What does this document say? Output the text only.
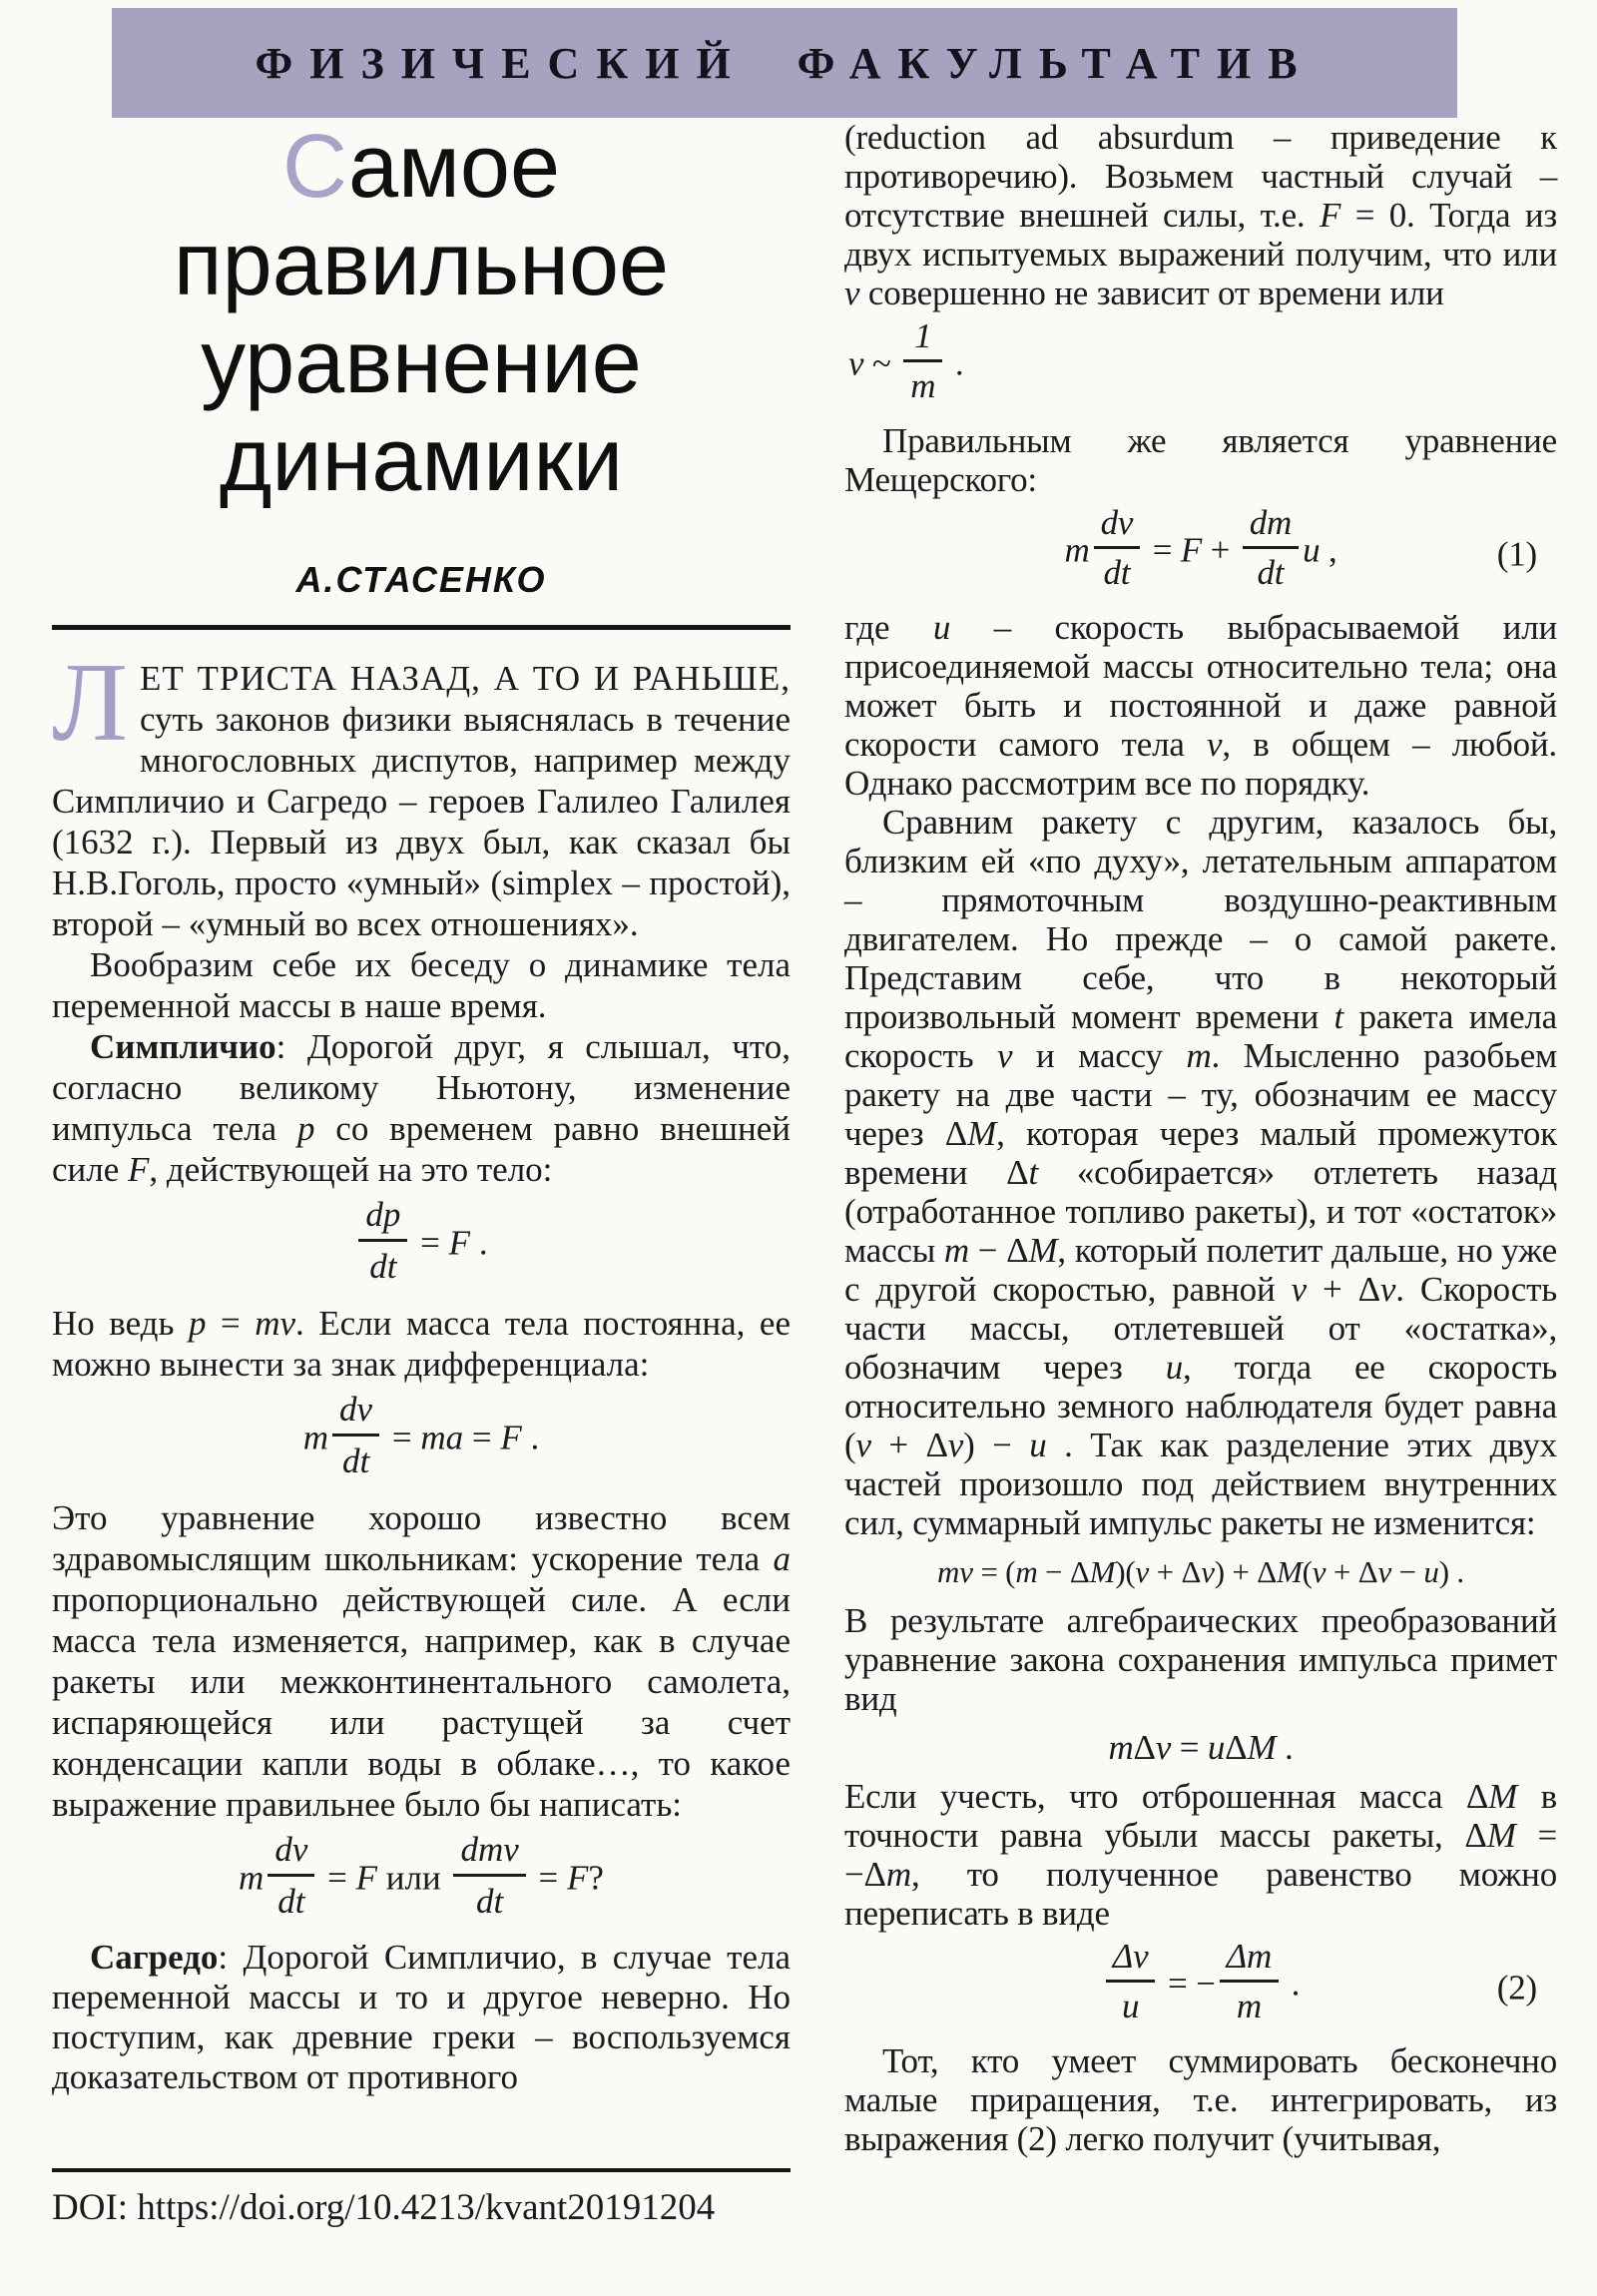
ФИЗИЧЕСКИЙ ФАКУЛЬТАТИВ
Самое
правильное
уравнение
динамики
А.СТАСЕНКО

ЛЕТ ТРИСТА НАЗАД, А ТО И РАНЬШЕ, суть законов физики выяснялась в течение многословных диспутов, например между Симпличио и Сагредо – героев Галилео Галилея (1632 г.). Первый из двух был, как сказал бы Н.В.Гоголь, просто «умный» (simplex – простой), второй – «умный во всех отношениях».

Вообразим себе их беседу о динамике тела переменной массы в наше время.

Симпличио: Дорогой друг, я слышал, что, согласно великому Ньютону, изменение импульса тела p со временем равно внешней силе F, действующей на это тело:

$\frac{dp}{dt} = F$ .

Но ведь p = mv. Если масса тела постоянна, ее можно вынести за знак дифференциала:

m $\frac{dv}{dt}$ = ma = F .

Это уравнение хорошо известно всем здравомыслящим школьникам: ускорение тела a пропорционально действующей силе. А если масса тела изменяется, например, как в случае ракеты или межконтинентального самолета, испаряющейся или растущей за счет конденсации капли воды в облаке…, то какое выражение правильнее было бы написать:

m $\frac{dv}{dt} = F$ или $\frac{\text{dmv}}{dt} = F$?

Сагредо: Дорогой Симпличио, в случае тела переменной массы и то и другое неверно. Но поступим, как древние греки – воспользуемся доказательством от противного

(reduction ad absurdum – приведение к противоречию). Возьмем частный случай – отсутствие внешней силы, т.е. F = 0. Тогда из двух испытуемых выражений получим, что или v совершенно не зависит от времени или

v ~ $\frac{1}{m}$ .

Правильным же является уравнение Мещерского:

m $\frac{dv}{dt} = F + \frac{dm}{dt}$ u ,	(1)

где u – скорость выбрасываемой или присоединяемой массы относительно тела; она может быть и постоянной и даже равной скорости самого тела v, в общем – любой. Однако рассмотрим все по порядку.

Сравним ракету с другим, казалось бы, близким ей «по духу», летательным аппаратом – прямоточным воздушно-реактивным двигателем. Но прежде – о самой ракете. Представим себе, что в некоторый произвольный момент времени t ракета имела скорость v и массу m. Мысленно разобьем ракету на две части – ту, обозначим ее массу через ΔM, которая через малый промежуток времени Δt «собирается» отлететь назад (отработанное топливо ракеты), и тот «остаток» массы m − ΔM, который полетит дальше, но уже с другой скоростью, равной v + Δv. Скорость части массы, отлетевшей от «остатка», обозначим через u, тогда ее скорость относительно земного наблюдателя будет равна (v + Δv) − u . Так как разделение этих двух частей произошло под действием внутренних сил, суммарный импульс ракеты не изменится:

mv = (m − ΔM)(v + Δv) + ΔM(v + Δv − u) .

В результате алгебраических преобразований уравнение закона сохранения импульса примет вид

mΔv = uΔM .

Если учесть, что отброшенная масса ΔM в точности равна убыли массы ракеты, ΔM = −Δm, то полученное равенство можно переписать в виде

$\frac{\Delta v}{u}$ = − $\frac{\Delta m}{m}$ .	(2)

Тот, кто умеет суммировать бесконечно малые приращения, т.е. интегрировать, из выражения (2) легко получит (учитывая,

DOI: https://doi.org/10.4213/kvant20191204
